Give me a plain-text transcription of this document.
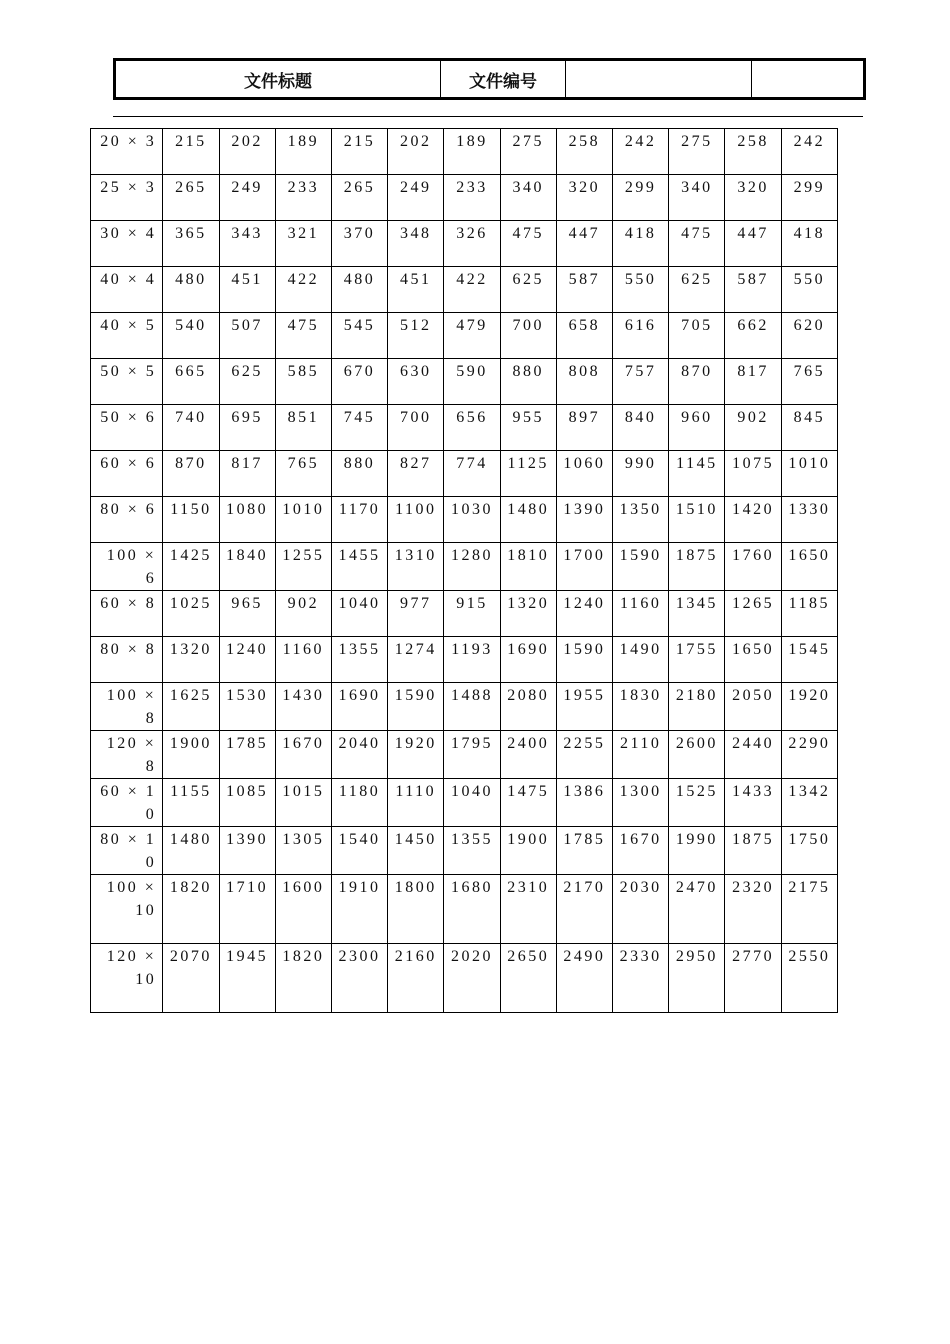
文件标题	文件编号		
20 × 3	215	202	189	215	202	189	275	258	242	275	258	242
25 × 3	265	249	233	265	249	233	340	320	299	340	320	299
30 × 4	365	343	321	370	348	326	475	447	418	475	447	418
40 × 4	480	451	422	480	451	422	625	587	550	625	587	550
40 × 5	540	507	475	545	512	479	700	658	616	705	662	620
50 × 5	665	625	585	670	630	590	880	808	757	870	817	765
50 × 6	740	695	851	745	700	656	955	897	840	960	902	845
60 × 6	870	817	765	880	827	774	1125	1060	990	1145	1075	1010
80 × 6	1150	1080	1010	1170	1100	1030	1480	1390	1350	1510	1420	1330
100 × 6	1425	1840	1255	1455	1310	1280	1810	1700	1590	1875	1760	1650
60 × 8	1025	965	902	1040	977	915	1320	1240	1160	1345	1265	1185
80 × 8	1320	1240	1160	1355	1274	1193	1690	1590	1490	1755	1650	1545
100 × 8	1625	1530	1430	1690	1590	1488	2080	1955	1830	2180	2050	1920
120 × 8	1900	1785	1670	2040	1920	1795	2400	2255	2110	2600	2440	2290
60 × 10	1155	1085	1015	1180	1110	1040	1475	1386	1300	1525	1433	1342
80 × 10	1480	1390	1305	1540	1450	1355	1900	1785	1670	1990	1875	1750
100 × 10	1820	1710	1600	1910	1800	1680	2310	2170	2030	2470	2320	2175
120 × 10	2070	1945	1820	2300	2160	2020	2650	2490	2330	2950	2770	2550
